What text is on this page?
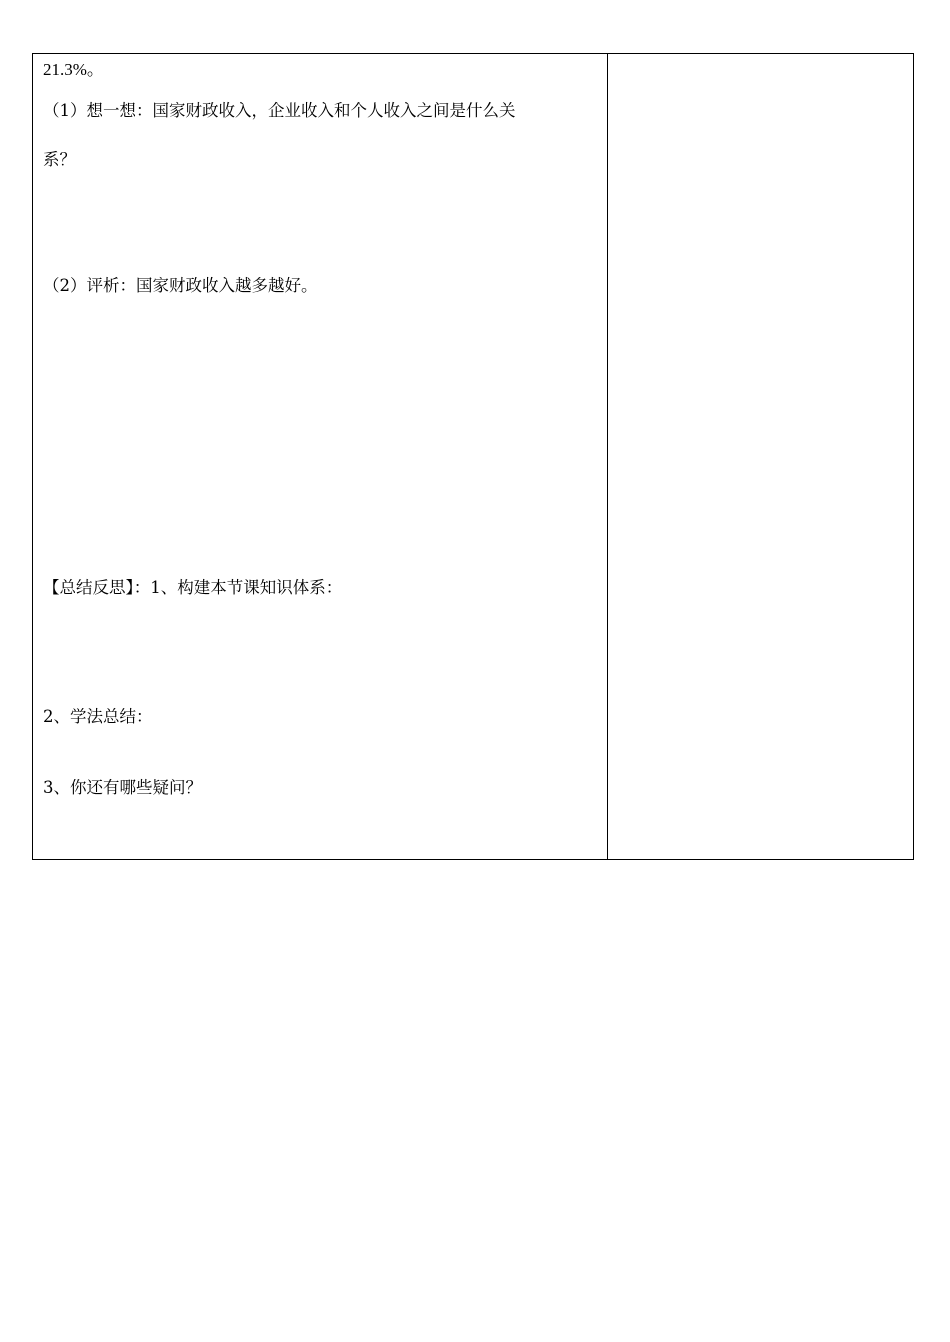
21.3%。
（1）想一想：国家财政收入，企业收入和个人收入之间是什么关
系？
（2）评析：国家财政收入越多越好。
【总结反思】：1、构建本节课知识体系：
2、学法总结：
3、你还有哪些疑问？
